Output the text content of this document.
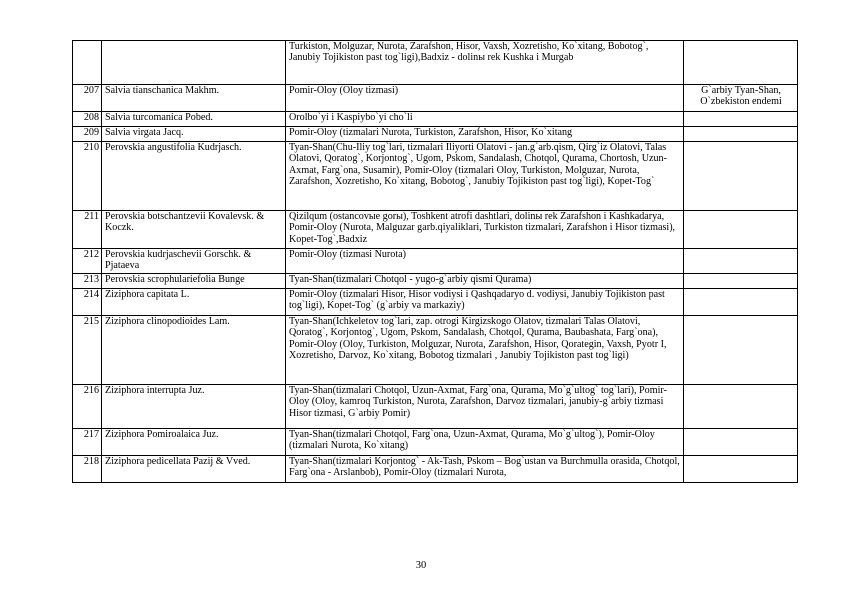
		Turkiston, Molguzar, Nurota, Zarafshon, Hisor, Vaxsh, Xozretisho, Ko`xitang, Bobotog`, Janubiy Tojikiston past tog`ligi),Badxiz - dolinы rek Kushka i Murgab	
207	Salvia tianschanica Makhm.	Pomir-Oloy (Oloy tizmasi)	G`arbiy Tyan-Shan, O`zbekiston endemi
208	Salvia turcomanica Pobed.	Orolbo`yi i Kaspiybo`yi cho`li	
209	Salvia virgata Jacq.	Pomir-Oloy (tizmalari Nurota, Turkiston, Zarafshon, Hisor, Ko`xitang	
210	Perovskia angustifolia Kudrjasch.	Tyan-Shan(Chu-Iliy tog`lari, tizmalari Iliyorti Olatovi - jan.g`arb.qism, Qirg`iz Olatovi, Talas Olatovi, Qoratog`, Korjontog`, Ugom, Pskom, Sandalash, Chotqol, Qurama, Chortosh, Uzun-Axmat, Farg`ona, Susamir), Pomir-Oloy (tizmalari Oloy, Turkiston, Molguzar, Nurota, Zarafshon, Xozretisho, Ko`xitang, Bobotog`, Janubiy Tojikiston past tog`ligi), Kopet-Tog`	
211	Perovskia botschantzevii Kovalevsk. & Koczk.	Qizilqum (ostanсovыe gorы), Toshkent atrofi dashtlari, dolinы rek Zarafshon i Kashkadarya, Pomir-Oloy (Nurota, Malguzar garb.qiyaliklari, Turkiston tizmalari, Zarafshon i Hisor tizmasi), Kopet-Tog`,Badxiz	
212	Perovskia kudrjaschevii Gorschk. & Pjataeva	Pomir-Oloy (tizmasi Nurota)	
213	Perovskia scrophulariefolia Bunge	Tyan-Shan(tizmalari Chotqol - yugo-g`arbiy qismi Qurama)	
214	Ziziphora capitata L.	Pomir-Oloy (tizmalari Hisor, Hisor vodiysi i Qashqadaryo d. vodiysi, Janubiy Tojikiston past tog`ligi), Kopet-Tog` (g`arbiy va markaziy)	
215	Ziziphora clinopodioides Lam.	Tyan-Shan(Ichkeletov tog`lari, zap. otrogi Kirgizskogo Olatov, tizmalari Talas Olatovi, Qoratog`, Korjontog`, Ugom, Pskom, Sandalash, Chotqol, Qurama, Baubashata, Farg`ona), Pomir-Oloy (Oloy, Turkiston, Molguzar, Nurota, Zarafshon, Hisor, Qorategin, Vaxsh, Pyotr I, Xozretisho, Darvoz, Ko`xitang, Bobotog tizmalari , Janubiy Tojikiston past tog`ligi)	
216	Ziziphora interrupta Juz.	Tyan-Shan(tizmalari Chotqol, Uzun-Axmat, Farg`ona, Qurama, Mo`g`ultog` tog`lari), Pomir-Oloy (Oloy, kamroq Turkiston, Nurota, Zarafshon, Darvoz tizmalari, janubiy-g`arbiy tizmasi Hisor tizmasi, G`arbiy Pomir)	
217	Ziziphora Pomiroalaica Juz.	Tyan-Shan(tizmalari Chotqol, Farg`ona, Uzun-Axmat, Qurama, Mo`g`ultog`), Pomir-Oloy (tizmalari Nurota, Ko`xitang)	
218	Ziziphora pedicellata Pazij & Vved.	Tyan-Shan(tizmalari Korjontog` - Ak-Tash, Pskom – Bog`ustan va Burchmulla orasida, Chotqol, Farg`ona - Arslanbob), Pomir-Oloy (tizmalari Nurota,	
30
